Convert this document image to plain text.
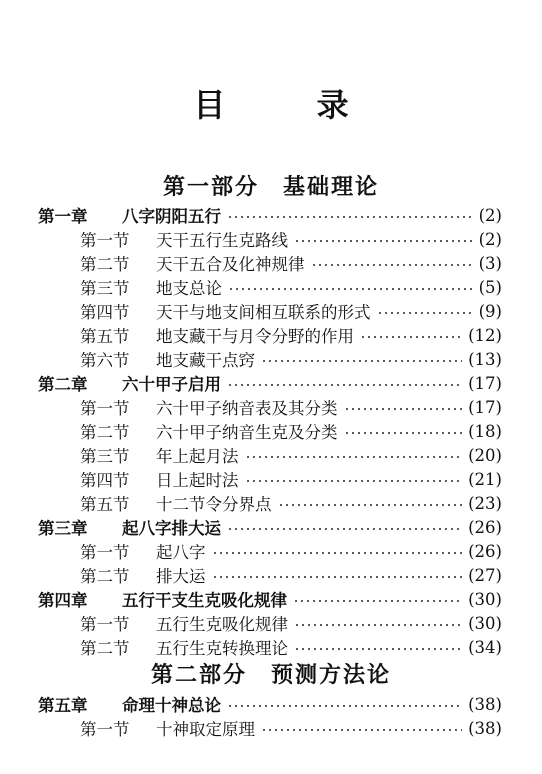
目 录
第一部分　基础理论
第一章	八字阴阳五行	(2)
第一节	天干五行生克路线	(2)
第二节	天干五合及化神规律	(3)
第三节	地支总论	(5)
第四节	天干与地支间相互联系的形式	(9)
第五节	地支藏干与月令分野的作用	(12)
第六节	地支藏干点窍	(13)
第二章	六十甲子启用	(17)
第一节	六十甲子纳音表及其分类	(17)
第二节	六十甲子纳音生克及分类	(18)
第三节	年上起月法	(20)
第四节	日上起时法	(21)
第五节	十二节令分界点	(23)
第三章	起八字排大运	(26)
第一节	起八字	(26)
第二节	排大运	(27)
第四章	五行干支生克吸化规律	(30)
第一节	五行生克吸化规律	(30)
第二节	五行生克转换理论	(34)
第二部分　预测方法论
第五章	命理十神总论	(38)
第一节	十神取定原理	(38)
